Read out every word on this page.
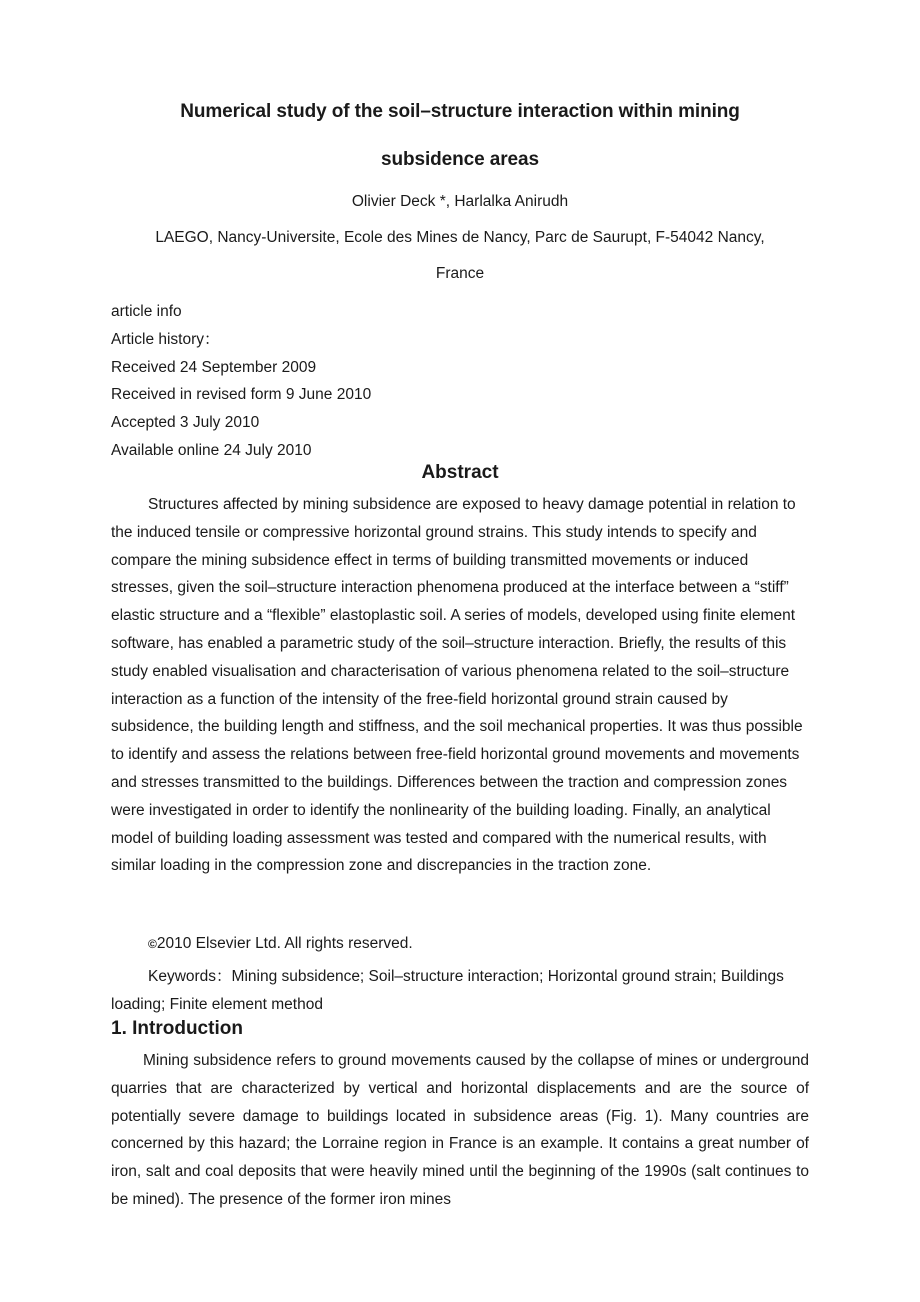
Numerical study of the soil–structure interaction within mining
subsidence areas
Olivier Deck *, Harlalka Anirudh
LAEGO, Nancy-Universite, Ecole des Mines de Nancy, Parc de Saurupt, F-54042 Nancy,
France
article info
Article history：
Received 24 September 2009
Received in revised form 9 June 2010
Accepted 3 July 2010
Available online 24 July 2010
Abstract

Structures affected by mining subsidence are exposed to heavy damage potential in relation to the induced tensile or compressive horizontal ground strains. This study intends to specify and compare the mining subsidence effect in terms of building transmitted movements or induced stresses, given the soil–structure interaction phenomena produced at the interface between a “stiff” elastic structure and a “flexible” elastoplastic soil. A series of models, developed using finite element software, has enabled a parametric study of the soil–structure interaction. Briefly, the results of this study enabled visualisation and characterisation of various phenomena related to the soil–structure interaction as a function of the intensity of the free-field horizontal ground strain caused by subsidence, the building length and stiffness, and the soil mechanical properties. It was thus possible to identify and assess the relations between free-field horizontal ground movements and movements and stresses transmitted to the buildings. Differences between the traction and compression zones were investigated in order to identify the nonlinearity of the building loading. Finally, an analytical model of building loading assessment was tested and compared with the numerical results, with similar loading in the compression zone and discrepancies in the traction zone.

©2010 Elsevier Ltd. All rights reserved.

Keywords：Mining subsidence; Soil–structure interaction; Horizontal ground strain; Buildings loading; Finite element method

1. Introduction

Mining subsidence refers to ground movements caused by the collapse of mines or underground quarries that are characterized by vertical and horizontal displacements and are the source of potentially severe damage to buildings located in subsidence areas (Fig. 1). Many countries are concerned by this hazard; the Lorraine region in France is an example. It contains a great number of iron, salt and coal deposits that were heavily mined until the beginning of the 1990s (salt continues to be mined). The presence of the former iron mines
